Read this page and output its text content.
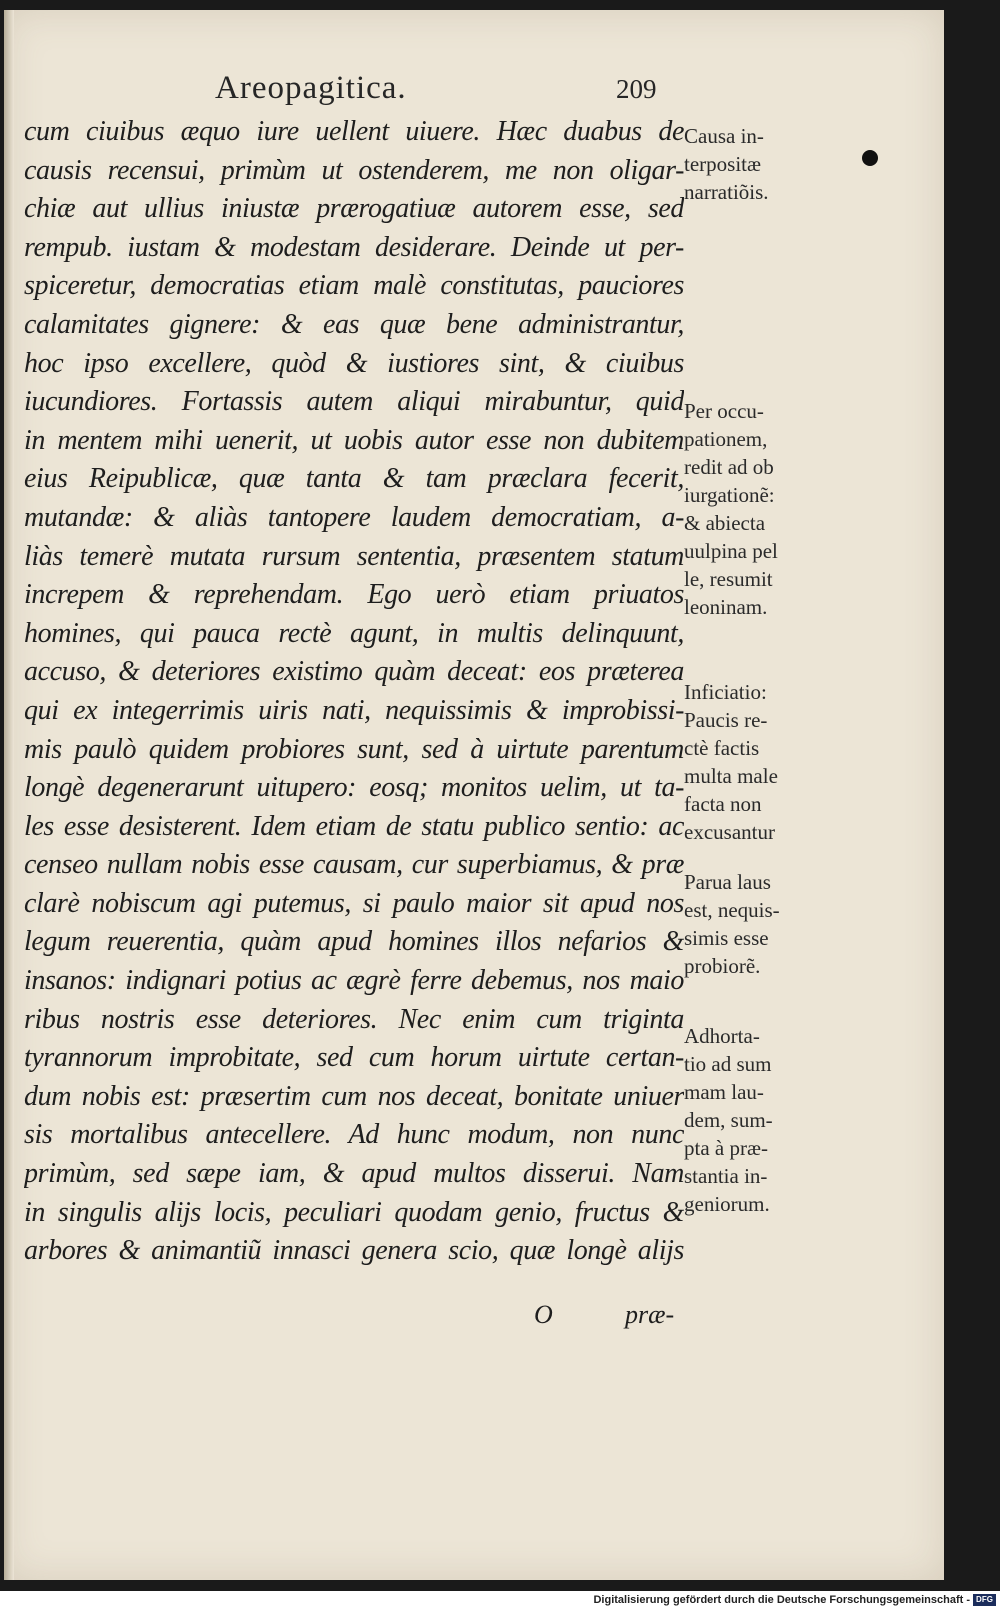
Areopagitica.	209
cum ciuibus æquo iure uellent uiuere. Hæc duabus de
causis recensui, primùm ut ostenderem, me non oligar-
chiæ aut ullius iniustæ prærogatiuæ autorem esse, sed
rempub. iustam & modestam desiderare. Deinde ut per-
spiceretur, democratias etiam malè constitutas, pauciores
calamitates gignere: & eas quæ bene administrantur,
hoc ipso excellere, quòd & iustiores sint, & ciuibus
iucundiores. Fortassis autem aliqui mirabuntur, quid
in mentem mihi uenerit, ut uobis autor esse non dubitem
eius Reipublicæ, quæ tanta & tam præclara fecerit,
mutandæ: & aliàs tantopere laudem democratiam, a-
liàs temerè mutata rursum sententia, præsentem statum
increpem & reprehendam. Ego uerò etiam priuatos
homines, qui pauca rectè agunt, in multis delinquunt,
accuso, & deteriores existimo quàm deceat: eos præterea
qui ex integerrimis uiris nati, nequissimis & improbissi-
mis paulò quidem probiores sunt, sed à uirtute parentum
longè degenerarunt uitupero: eosq; monitos uelim, ut ta-
les esse desisterent. Idem etiam de statu publico sentio: ac
censeo nullam nobis esse causam, cur superbiamus, & præ
clarè nobiscum agi putemus, si paulo maior sit apud nos
legum reuerentia, quàm apud homines illos nefarios &
insanos: indignari potius ac ægrè ferre debemus, nos maio
ribus nostris esse deteriores. Nec enim cum triginta
tyrannorum improbitate, sed cum horum uirtute certan-
dum nobis est: præsertim cum nos deceat, bonitate uniuer
sis mortalibus antecellere. Ad hunc modum, non nunc
primùm, sed sæpe iam, & apud multos disserui. Nam
in singulis alijs locis, peculiari quodam genio, fructus &
arbores & animantiũ innasci genera scio, quæ longè alijs
O	præ-
Causa in-
terpositæ
narratiõis.
Per occu-
pationem,
redit ad ob
iurgationẽ:
& abiecta
uulpina pel
le, resumit
leoninam.
Inficiatio:
Paucis re-
ctè factis
multa male
facta non
excusantur
Parua laus
est, nequis-
simis esse
probiorẽ.
Adhorta-
tio ad sum
mam lau-
dem, sum-
pta à præ-
stantia in-
geniorum.
Digitalisierung gefördert durch die Deutsche Forschungsgemeinschaft - DFG
